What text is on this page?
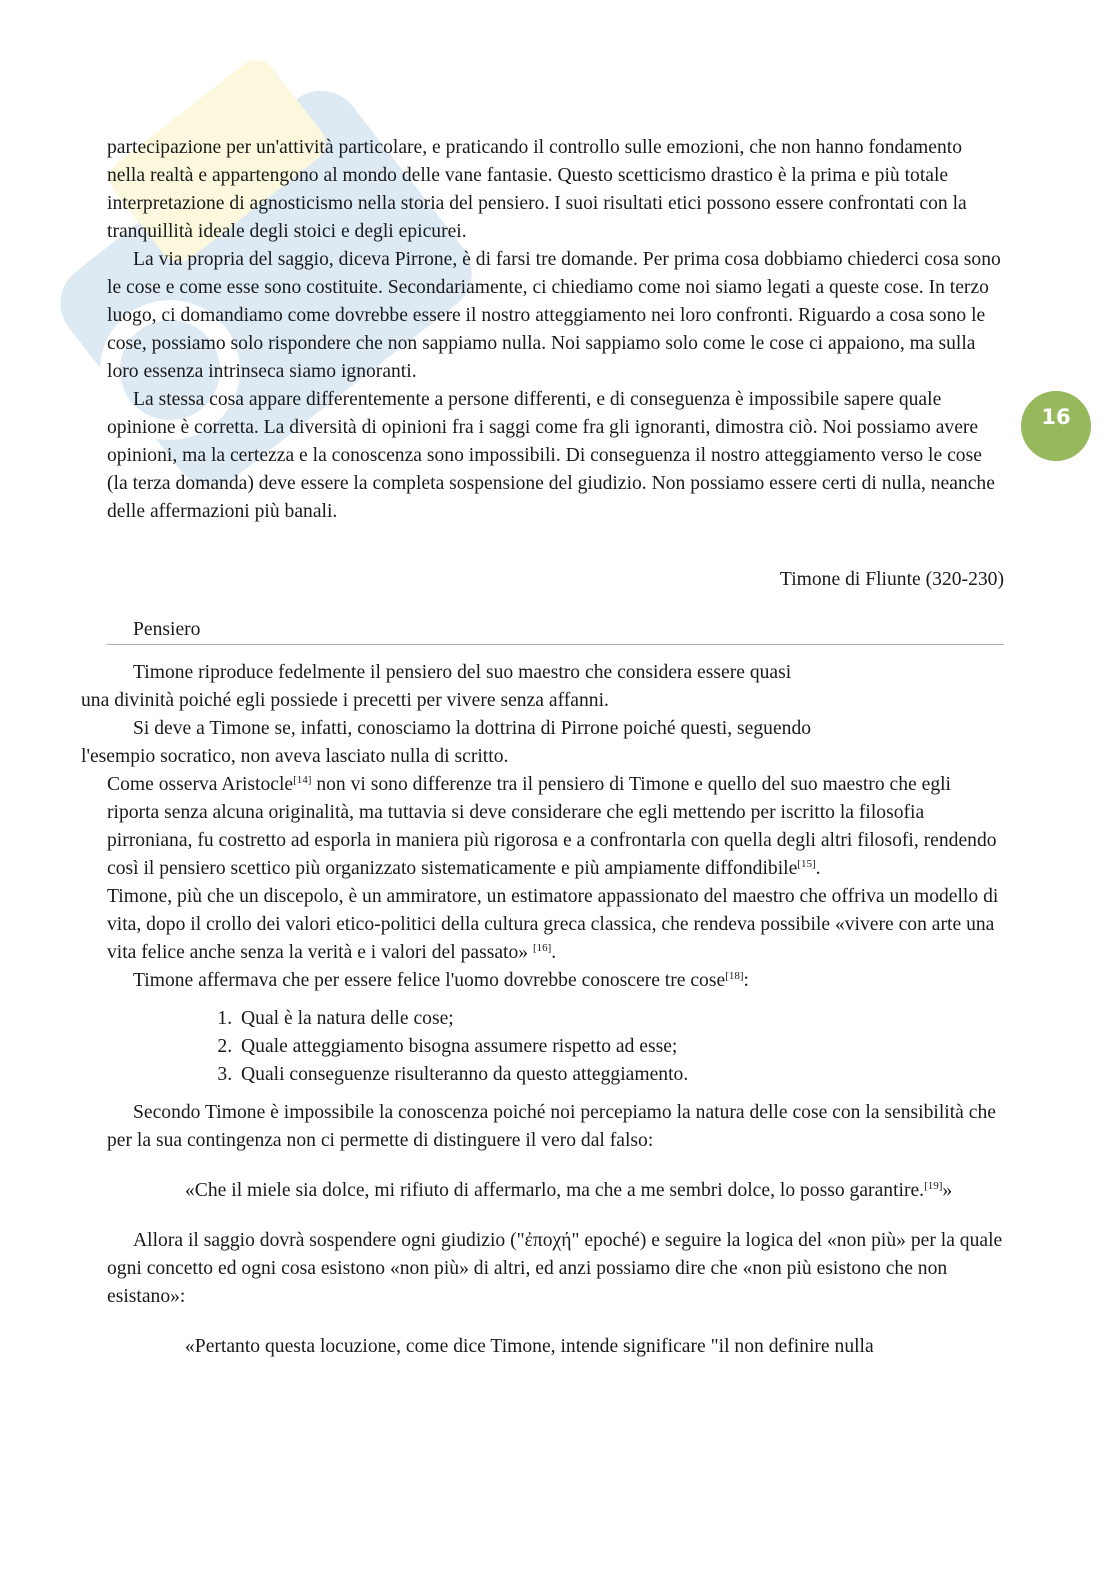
16

partecipazione per un'attività particolare, e praticando il controllo sulle emozioni, che non hanno fondamento nella realtà e appartengono al mondo delle vane fantasie. Questo scetticismo drastico è la prima e più totale interpretazione di agnosticismo nella storia del pensiero. I suoi risultati etici possono essere confrontati con la tranquillità ideale degli stoici e degli epicurei.

La via propria del saggio, diceva Pirrone, è di farsi tre domande. Per prima cosa dobbiamo chiederci cosa sono le cose e come esse sono costituite. Secondariamente, ci chiediamo come noi siamo legati a queste cose. In terzo luogo, ci domandiamo come dovrebbe essere il nostro atteggiamento nei loro confronti. Riguardo a cosa sono le cose, possiamo solo rispondere che non sappiamo nulla. Noi sappiamo solo come le cose ci appaiono, ma sulla loro essenza intrinseca siamo ignoranti.

La stessa cosa appare differentemente a persone differenti, e di conseguenza è impossibile sapere quale opinione è corretta. La diversità di opinioni fra i saggi come fra gli ignoranti, dimostra ciò. Noi possiamo avere opinioni, ma la certezza e la conoscenza sono impossibili. Di conseguenza il nostro atteggiamento verso le cose (la terza domanda) deve essere la completa sospensione del giudizio. Non possiamo essere certi di nulla, neanche delle affermazioni più banali.

Timone di Fliunte (320-230)

Pensiero

Timone riproduce fedelmente il pensiero del suo maestro che considera essere quasi
una divinità poiché egli possiede i precetti per vivere senza affanni.

Si deve a Timone se, infatti, conosciamo la dottrina di Pirrone poiché questi, seguendo
l'esempio socratico, non aveva lasciato nulla di scritto.

Come osserva Aristocle[14] non vi sono differenze tra il pensiero di Timone e quello del suo maestro che egli riporta senza alcuna originalità, ma tuttavia si deve considerare che egli mettendo per iscritto la filosofia pirroniana, fu costretto ad esporla in maniera più rigorosa e a confrontarla con quella degli altri filosofi, rendendo così il pensiero scettico più organizzato sistematicamente e più ampiamente diffondibile[15].

Timone, più che un discepolo, è un ammiratore, un estimatore appassionato del maestro che offriva un modello di vita, dopo il crollo dei valori etico-politici della cultura greca classica, che rendeva possibile «vivere con arte una vita felice anche senza la verità e i valori del passato» [16].

Timone affermava che per essere felice l'uomo dovrebbe conoscere tre cose[18]:

1. Qual è la natura delle cose;
2. Quale atteggiamento bisogna assumere rispetto ad esse;
3. Quali conseguenze risulteranno da questo atteggiamento.

Secondo Timone è impossibile la conoscenza poiché noi percepiamo la natura delle cose con la sensibilità che per la sua contingenza non ci permette di distinguere il vero dal falso:

«Che il miele sia dolce, mi rifiuto di affermarlo, ma che a me sembri dolce, lo posso garantire.[19]»

Allora il saggio dovrà sospendere ogni giudizio ("ἐποχή" epoché) e seguire la logica del «non più» per la quale ogni concetto ed ogni cosa esistono «non più» di altri, ed anzi possiamo dire che «non più esistono che non esistano»:

«Pertanto questa locuzione, come dice Timone, intende significare "il non definire nulla
